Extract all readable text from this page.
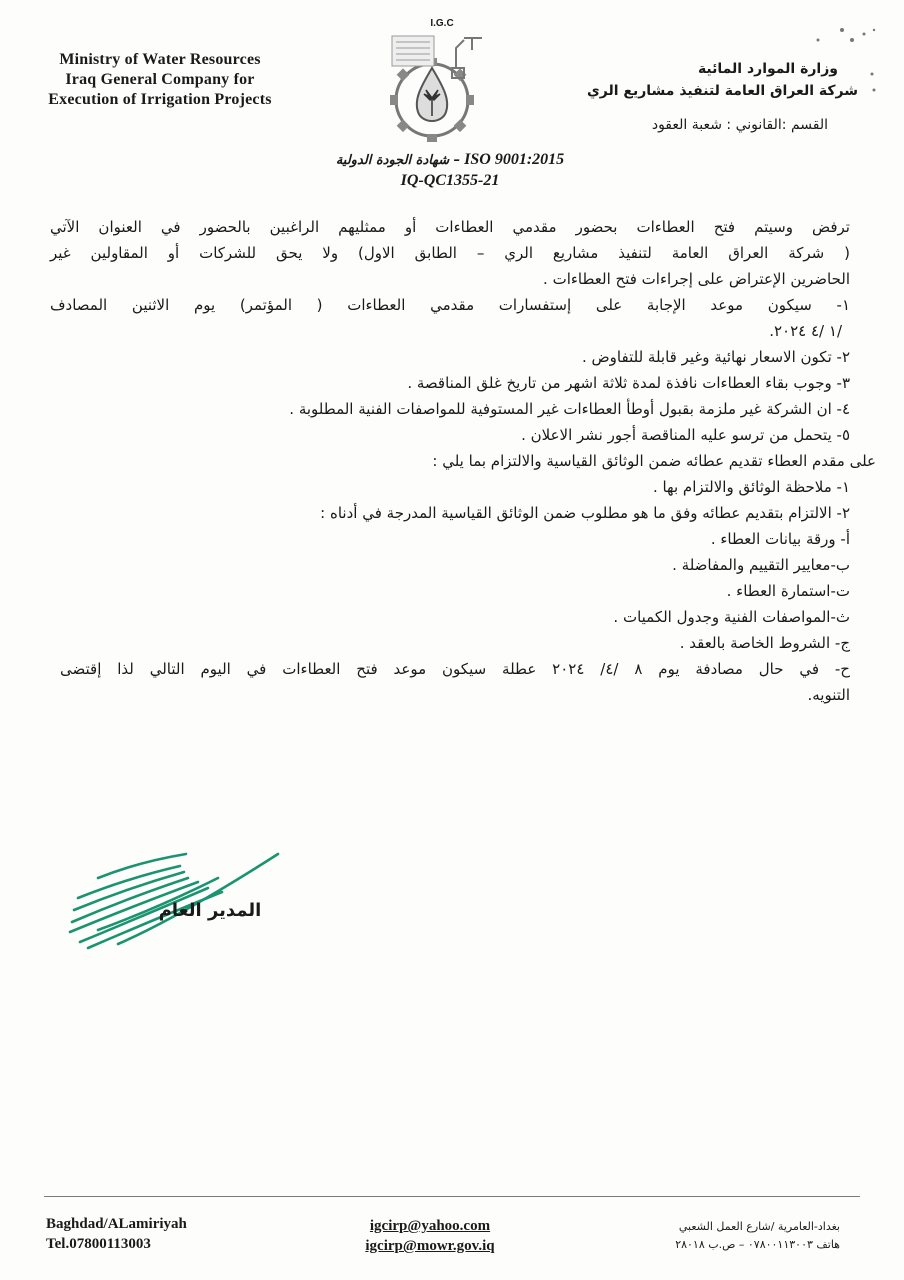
Ministry of Water Resources
Iraq General Company for
Execution of Irrigation Projects
I.G.C
شهادة الجودة الدولية – ISO 9001:2015
IQ-QC1355-21
وزارة الموارد المائية
شركة العراق العامة لتنفيذ مشاريع الري
القسم :القانوني : شعبة العقود
ترفض وسيتم فتح العطاءات بحضور مقدمي العطاءات أو ممثليهم الراغبين بالحضور في العنوان الآتي
( شركة العراق العامة لتنفيذ مشاريع الري – الطابق الاول) ولا يحق للشركات أو المقاولين غير
الحاضرين الإعتراض على إجراءات فتح العطاءات .
١- سيكون موعد الإجابة على إستفسارات مقدمي العطاءات ( المؤتمر) يوم الاثنين المصادف
/١ /٤ ٢٠٢٤.
٢- تكون الاسعار نهائية وغير قابلة للتفاوض .
٣- وجوب بقاء العطاءات نافذة لمدة ثلاثة اشهر من تاريخ غلق المناقصة .
٤- ان الشركة غير ملزمة بقبول أوطأ العطاءات غير المستوفية للمواصفات الفنية المطلوبة .
٥- يتحمل من ترسو عليه المناقصة أجور نشر الاعلان .
على مقدم العطاء تقديم عطائه ضمن الوثائق القياسية والالتزام بما يلي :
١- ملاحظة الوثائق والالتزام بها .
٢- الالتزام بتقديم عطائه وفق ما هو مطلوب ضمن الوثائق القياسية المدرجة في أدناه :
أ- ورقة بيانات العطاء .
ب-معايير التقييم والمفاضلة .
ت-استمارة العطاء .
ث-المواصفات الفنية وجدول الكميات .
ج- الشروط الخاصة بالعقد .
ح- في حال مصادفة يوم ٨ /٤/ ٢٠٢٤ عطلة سيكون موعد فتح العطاءات في اليوم التالي لذا إقتضى
التنويه.
المدير العام
Baghdad/ALamiriyah
Tel.07800113003
igcirp@yahoo.com
igcirp@mowr.gov.iq
بغداد-العامرية /شارع العمل الشعبي
هاتف ٠٧٨٠٠١١٣٠٠٣ – ص.ب ٢٨٠١٨
